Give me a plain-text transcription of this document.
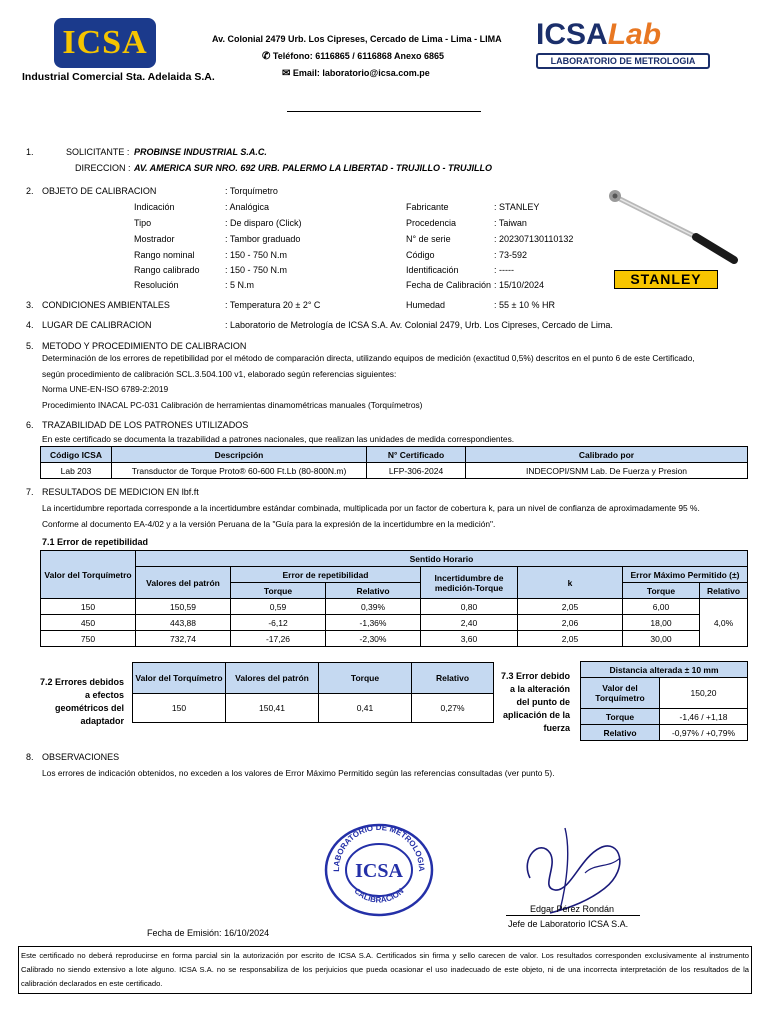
ICSA
Industrial Comercial Sta. Adelaida S.A.
Av. Colonial 2479 Urb. Los Cipreses, Cercado de Lima - Lima - LIMA
✆ Teléfono: 6116865 / 6116868 Anexo 6865
✉ Email: laboratorio@icsa.com.pe
ICSALab
LABORATORIO DE METROLOGIA
1.	SOLICITANTE : PROBINSE INDUSTRIAL S.A.C.
DIRECCION : AV. AMERICA SUR NRO. 692 URB. PALERMO LA LIBERTAD - TRUJILLO - TRUJILLO
2. OBJETO DE CALIBRACION	: Torquímetro
Indicación	: Analógica
Tipo	: De disparo (Click)
Mostrador	: Tambor graduado
Rango nominal	: 150 - 750 N.m
Rango calibrado	: 150 - 750 N.m
Resolución	: 5 N.m
Fabricante	: STANLEY
Procedencia	: Taiwan
N° de serie	: 202307130110132
Código	: 73-592
Identificación	: -----
Fecha de Calibración : 15/10/2024	STANLEY
3. CONDICIONES AMBIENTALES	: Temperatura 20 ± 2° C	Humedad	: 55 ± 10 % HR
4. LUGAR DE CALIBRACION	: Laboratorio de Metrología de ICSA S.A. Av. Colonial 2479, Urb. Los Cipreses, Cercado de Lima.
5. METODO Y PROCEDIMIENTO DE CALIBRACION
Determinación de los errores de repetibilidad por el método de comparación directa, utilizando equipos de medición (exactitud 0,5%) descritos en el punto 6 de este Certificado,
según procedimiento de calibración SCL.3.504.100 v1, elaborado según referencias siguientes:
Norma UNE-EN-ISO 6789-2:2019
Procedimiento INACAL PC-031 Calibración de herramientas dinamométricas manuales (Torquímetros)
6. TRAZABILIDAD DE LOS PATRONES UTILIZADOS
En este certificado se documenta la trazabilidad a patrones nacionales, que realizan las unidades de medida correspondientes.
Código ICSA	Descripción	N° Certificado	Calibrado por
Lab 203	Transductor de Torque Proto® 60-600 Ft.Lb (80-800N.m)	LFP-306-2024	INDECOPI/SNM Lab. De Fuerza y Presion
7. RESULTADOS DE MEDICION EN lbf.ft
La incertidumbre reportada corresponde a la incertidumbre estándar combinada, multiplicada por un factor de cobertura k, para un nivel de confianza de aproximadamente 95 %.
Conforme al documento EA-4/02 y a la versión Peruana de la "Guía para la expresión de la incertidumbre en la medición".
7.1 Error de repetibilidad
Valor del Torquímetro	Sentido Horario						
	Valores del patrón	Error de repetibilidad		Incertidumbre de medición-Torque	k	Error Máximo Permitido (±)	
		Torque	Relativo			Torque	Relativo
150	150,59	0,59	0,39%	0,80	2,05	6,00	4,0%
450	443,88	-6,12	-1,36%	2,40	2,06	18,00	
750	732,74	-17,26	-2,30%	3,60	2,05	30,00	
7.2 Errores debidos a efectos geométricos del adaptador
Valor del Torquímetro	Valores del patrón	Torque	Relativo
150	150,41	0,41	0,27%
7.3 Error debido a la alteración del punto de aplicación de la fuerza
Distancia alterada ± 10 mm	
Valor del Torquímetro	150,20
Torque	-1,46 / +1,18
Relativo	-0,97% / +0,79%
8. OBSERVACIONES
Los errores de indicación obtenidos, no exceden a los valores de Error Máximo Permitido según las referencias consultadas (ver punto 5).
LABORATORIO DE METROLOGIA
CALIBRACION
ICSA
Fecha de Emisión: 16/10/2024
Edgar Pérez Rondán
Jefe de Laboratorio ICSA S.A.
Este certificado no deberá reproducirse en forma parcial sin la autorización por escrito de ICSA S.A. Certificados sin firma y sello carecen de valor. Los resultados corresponden exclusivamente al instrumento Calibrado no siendo extensivo a lote alguno. ICSA S.A. no se responsabiliza de los perjuicios que pueda ocasionar el uso inadecuado de este objeto, ni de una incorrecta interpretación de los resultados de la calibración declarados en este certificado.
